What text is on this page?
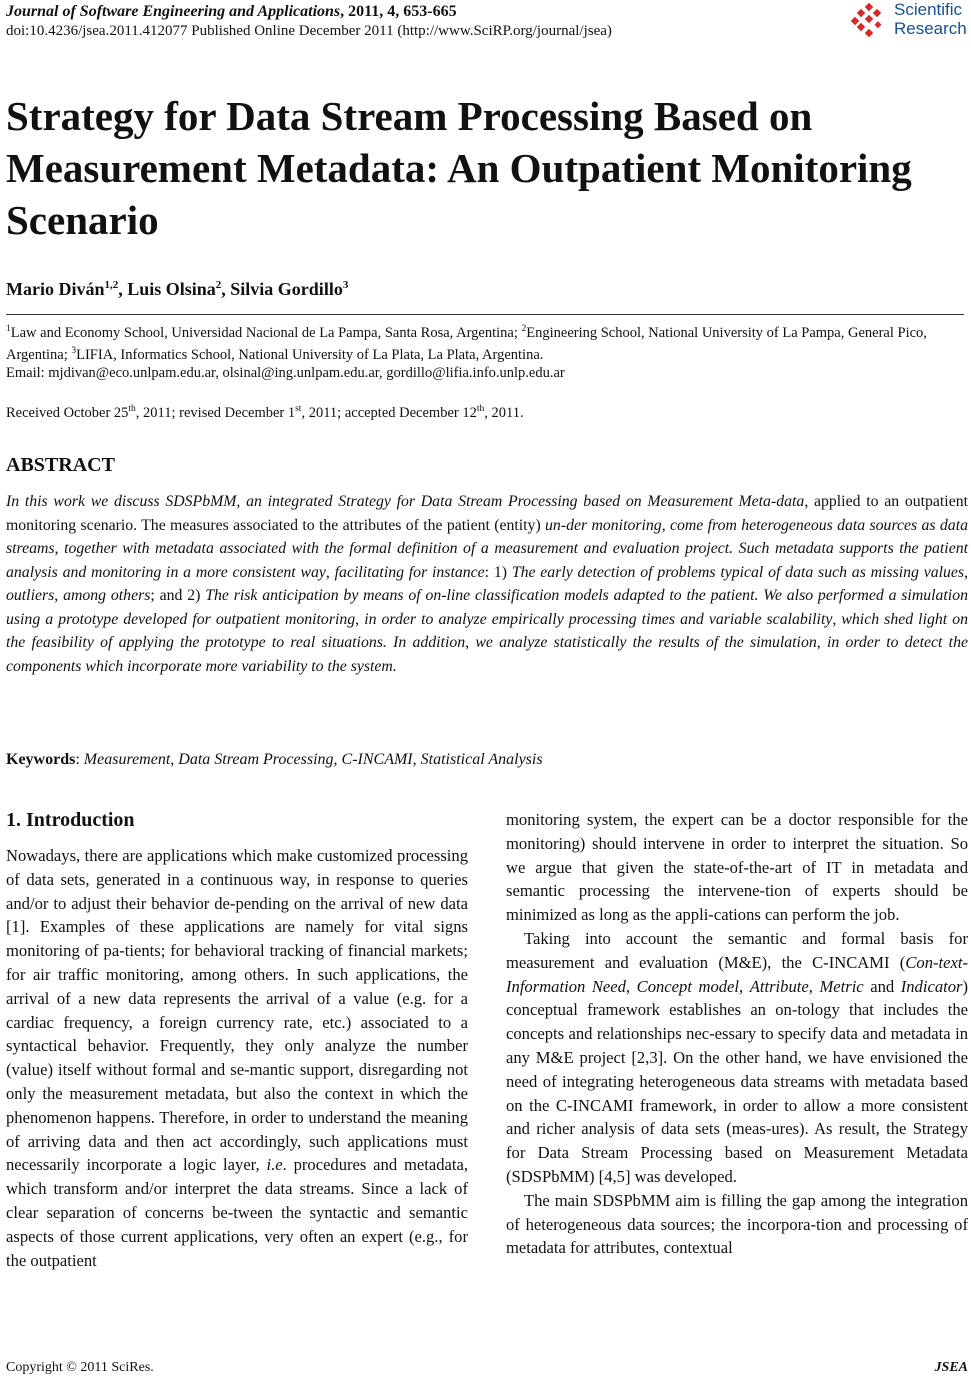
Journal of Software Engineering and Applications, 2011, 4, 653-665
doi:10.4236/jsea.2011.412077 Published Online December 2011 (http://www.SciRP.org/journal/jsea)
Scientific
Research
Strategy for Data Stream Processing Based on Measurement Metadata: An Outpatient Monitoring Scenario
Mario Diván$^{1,2}$, Luis Olsina$^2$, Silvia Gordillo$^3$
$^1$Law and Economy School, Universidad Nacional de La Pampa, Santa Rosa, Argentina; $^2$Engineering School, National University of La Pampa, General Pico, Argentina; $^3$LIFIA, Informatics School, National University of La Plata, La Plata, Argentina.
Email: mjdivan@eco.unlpam.edu.ar, olsinal@ing.unlpam.edu.ar, gordillo@lifia.info.unlp.edu.ar
Received October 25th, 2011; revised December 1st, 2011; accepted December 12th, 2011.
ABSTRACT
In this work we discuss SDSPbMM, an integrated Strategy for Data Stream Processing based on Measurement Meta-data, applied to an outpatient monitoring scenario. The measures associated to the attributes of the patient (entity) un-der monitoring, come from heterogeneous data sources as data streams, together with metadata associated with the formal definition of a measurement and evaluation project. Such metadata supports the patient analysis and monitoring in a more consistent way, facilitating for instance: 1) The early detection of problems typical of data such as missing values, outliers, among others; and 2) The risk anticipation by means of on-line classification models adapted to the patient. We also performed a simulation using a prototype developed for outpatient monitoring, in order to analyze empirically processing times and variable scalability, which shed light on the feasibility of applying the prototype to real situations. In addition, we analyze statistically the results of the simulation, in order to detect the components which incorporate more variability to the system.
Keywords: Measurement, Data Stream Processing, C-INCAMI, Statistical Analysis
1. Introduction

Nowadays, there are applications which make customized processing of data sets, generated in a continuous way, in response to queries and/or to adjust their behavior de-pending on the arrival of new data [1]. Examples of these applications are namely for vital signs monitoring of pa-tients; for behavioral tracking of financial markets; for air traffic monitoring, among others. In such applications, the arrival of a new data represents the arrival of a value (e.g. for a cardiac frequency, a foreign currency rate, etc.) associated to a syntactical behavior. Frequently, they only analyze the number (value) itself without formal and se-mantic support, disregarding not only the measurement metadata, but also the context in which the phenomenon happens. Therefore, in order to understand the meaning of arriving data and then act accordingly, such applications must necessarily incorporate a logic layer, i.e. procedures and metadata, which transform and/or interpret the data streams. Since a lack of clear separation of concerns be-tween the syntactic and semantic aspects of those current applications, very often an expert (e.g., for the outpatient

monitoring system, the expert can be a doctor responsible for the monitoring) should intervene in order to interpret the situation. So we argue that given the state-of-the-art of IT in metadata and semantic processing the intervene-tion of experts should be minimized as long as the appli-cations can perform the job.

Taking into account the semantic and formal basis for measurement and evaluation (M&E), the C-INCAMI (Con-text-Information Need, Concept model, Attribute, Metric and Indicator) conceptual framework establishes an on-tology that includes the concepts and relationships nec-essary to specify data and metadata in any M&E project [2,3]. On the other hand, we have envisioned the need of integrating heterogeneous data streams with metadata based on the C-INCAMI framework, in order to allow a more consistent and richer analysis of data sets (meas-ures). As result, the Strategy for Data Stream Processing based on Measurement Metadata (SDSPbMM) [4,5] was developed.

The main SDSPbMM aim is filling the gap among the integration of heterogeneous data sources; the incorpora-tion and processing of metadata for attributes, contextual

Copyright © 2011 SciRes.	JSEA
